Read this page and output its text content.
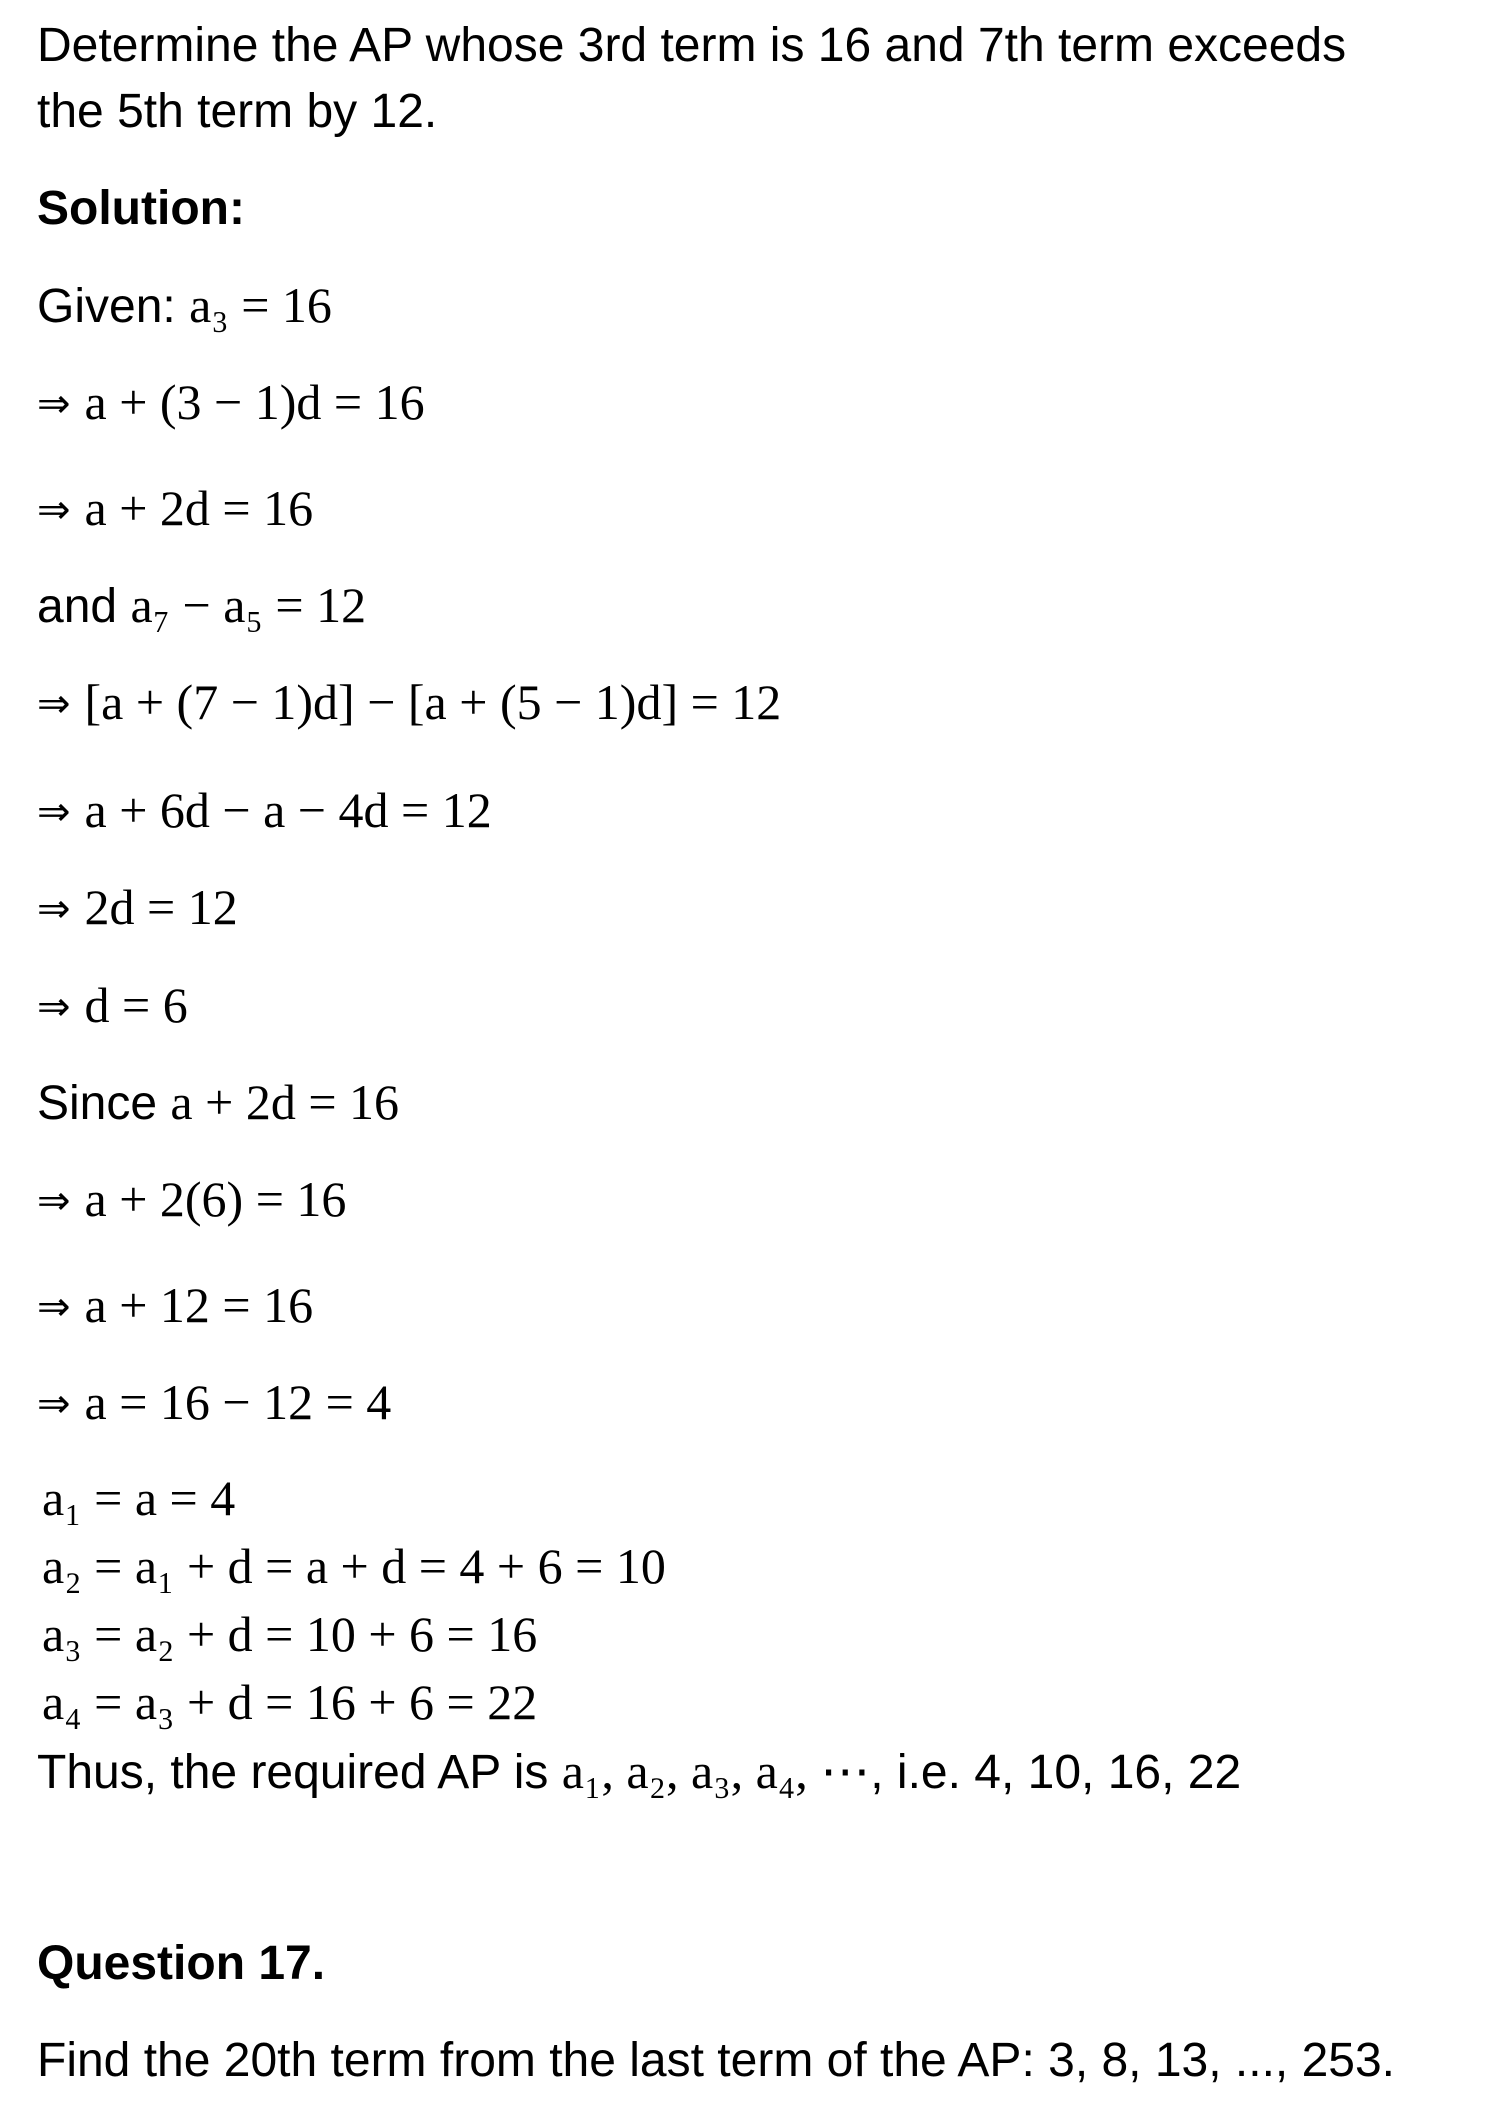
Determine the AP whose 3rd term is 16 and 7th term exceeds
the 5th term by 12.
Solution:
Given: a₃ = 16
⇒ a + (3 − 1)d = 16
⇒ a + 2d = 16
and a₇ − a₅ = 12
⇒ [a + (7 − 1)d] − [a + (5 − 1)d] = 12
⇒ a + 6d − a − 4d = 12
⇒ 2d = 12
⇒ d = 6
Since a + 2d = 16
⇒ a + 2(6) = 16
⇒ a + 12 = 16
⇒ a = 16 − 12 = 4
a₁ = a = 4
a₂ = a₁ + d = a + d = 4 + 6 = 10
a₃ = a₂ + d = 10 + 6 = 16
a₄ = a₃ + d = 16 + 6 = 22
Thus, the required AP is a₁, a₂, a₃, a₄, ⋯, i.e. 4, 10, 16, 22
Question 17.
Find the 20th term from the last term of the AP: 3, 8, 13, ..., 253.
